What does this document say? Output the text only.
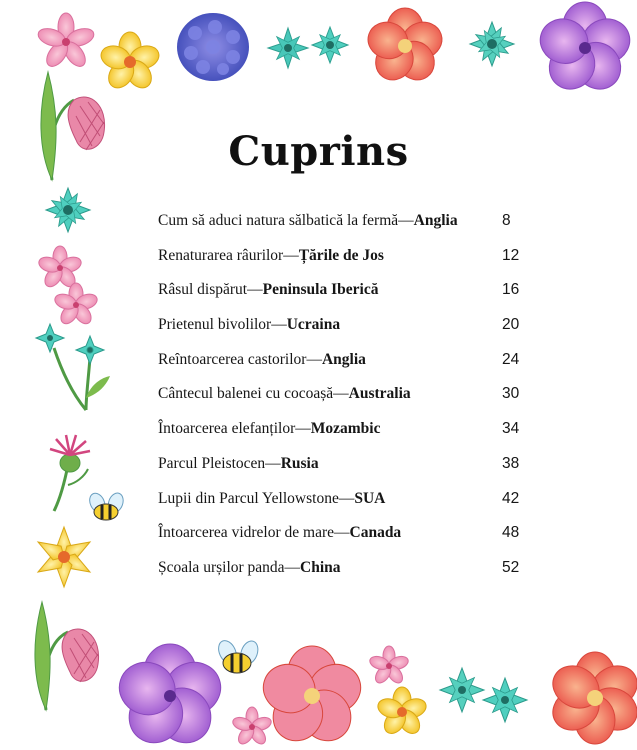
Cuprins
Cum să aduci natura sălbatică la fermă—Anglia	8
Renaturarea râurilor—Țările de Jos	12
Râsul dispărut—Peninsula Iberică	16
Prietenul bivolilor—Ucraina	20
Reîntoarcerea castorilor—Anglia	24
Cântecul balenei cu cocoașă—Australia	30
Întoarcerea elefanților—Mozambic	34
Parcul Pleistocen—Rusia	38
Lupii din Parcul Yellowstone—SUA	42
Întoarcerea vidrelor de mare—Canada	48
Școala urșilor panda—China	52
